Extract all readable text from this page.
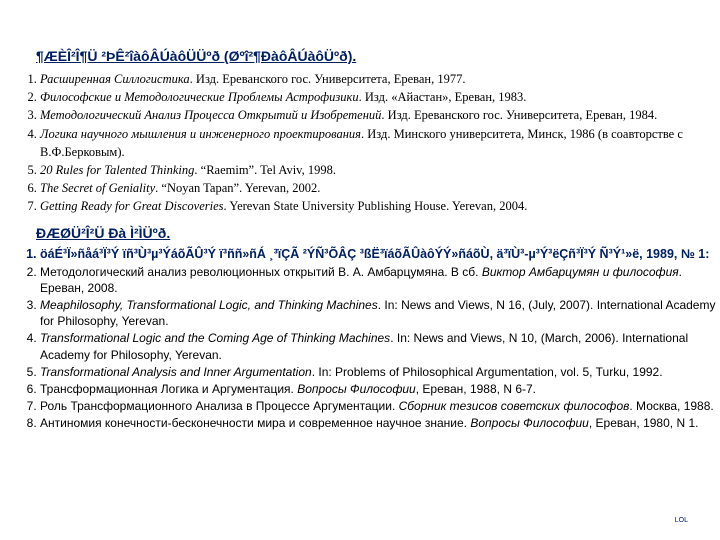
¶ÆÈÎ²Î¶Ü ²ÞÊ²îàôÂÚàôÜÜºð (Øºî²¶ÐàôÂÚàôÜºð).
1. Расширенная Силлогистика. Изд. Ереванского гос. Университета, Ереван, 1977.
2. Философские и Методологические Проблемы Астрофизики. Изд. «Айастан», Ереван, 1983.
3. Методологический Анализ Процесса Открытий и Изобретений. Изд. Ереванского гос. Университета, Ереван, 1984.
4. Логика научного мышления и инженерного проектирования. Изд. Минского университета, Минск, 1986 (в соавторстве с В.Ф.Берковым).
5. 20 Rules for Talented Thinking. “Raemim”. Tel Aviv, 1998.
6. The Secret of Geniality. “Noyan Tapan”. Yerevan, 2002.
7. Getting Ready for Great Discoveries. Yerevan State University Publishing House. Yerevan, 2004.
ÐÆØÜ²Î²Ü Ðà Ì²ÌÜºð.
1. öáÉ³Ï»ñåá³Ï³Ý ïñ³Ù³µ³ÝáõÃÛ³Ý ï³ññ»ñÁ ¸³ïÇÃ ²ÝÑ³ÕÂÇ ³ßË³ïáõÃÛàôÝÝ»ñáõÙ, ä³ïÙ³-µ³Ý³ëÇñ³Ï³Ý Ñ³Ý¹»ë, 1989, № 1:
2. Методологический анализ революционных открытий В. А. Амбарцумяна. В сб. Виктор Амбарцумян и философия. Ереван, 2008.
3. Meaphilosophy, Transformational Logic, and Thinking Machines. In: News and Views, N 16, (July, 2007). International Academy for Philosophy, Yerevan.
4. Transformational Logic and the Coming Age of Thinking Machines. In: News and Views, N 10, (March, 2006). International Academy for Philosophy, Yerevan.
5. Transformational Analysis and Inner Argumentation. In: Problems of Philosophical Argumentation, vol. 5, Turku, 1992.
6. Трансформационная Логика и Аргументация. Вопросы Философии, Ереван, 1988, N 6-7.
7. Роль Трансформационного Анализа в Процессе Аргументации. Сборник тезисов советских философов. Москва, 1988.
8. Антиномия конечности-бесконечности мира и современное научное знание. Вопросы Философии, Ереван, 1980, N 1.
LOL
